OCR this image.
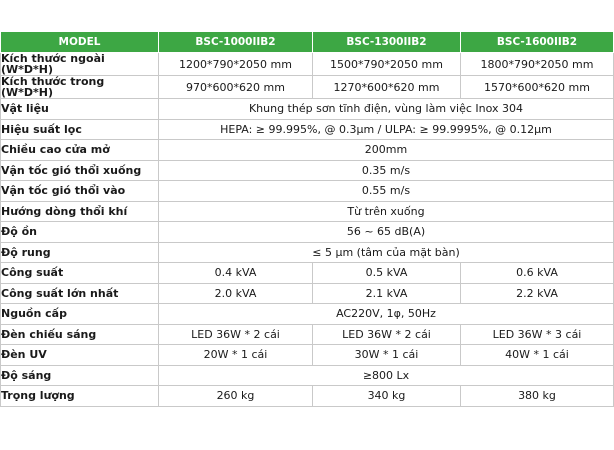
MODEL	BSC-1000IIB2	BSC-1300IIB2	BSC-1600IIB2
Kích thước ngoài (W*D*H)	1200*790*2050 mm	1500*790*2050 mm	1800*790*2050 mm
Kích thước trong (W*D*H)	970*600*620 mm	1270*600*620 mm	1570*600*620 mm
Vật liệu	Khung thép sơn tĩnh điện, vùng làm việc Inox 304		
Hiệu suất lọc	HEPA: ≥ 99.995%, @ 0.3μm / ULPA: ≥ 99.9995%, @ 0.12μm		
Chiều cao cửa mở	200mm		
Vận tốc gió thổi xuống	0.35 m/s		
Vận tốc gió thổi vào	0.55 m/s		
Hướng dòng thổi khí	Từ trên xuống		
Độ ồn	56 ~ 65 dB(A)		
Độ rung	≤ 5 μm (tâm của mặt bàn)		
Công suất	0.4 kVA	0.5 kVA	0.6 kVA
Công suất lớn nhất	2.0 kVA	2.1 kVA	2.2 kVA
Nguồn cấp	AC220V, 1φ, 50Hz		
Đèn chiếu sáng	LED 36W * 2 cái	LED 36W * 2 cái	LED 36W * 3 cái
Đèn UV	20W * 1 cái	30W * 1 cái	40W * 1 cái
Độ sáng	≥800 Lx		
Trọng lượng	260 kg	340 kg	380 kg
